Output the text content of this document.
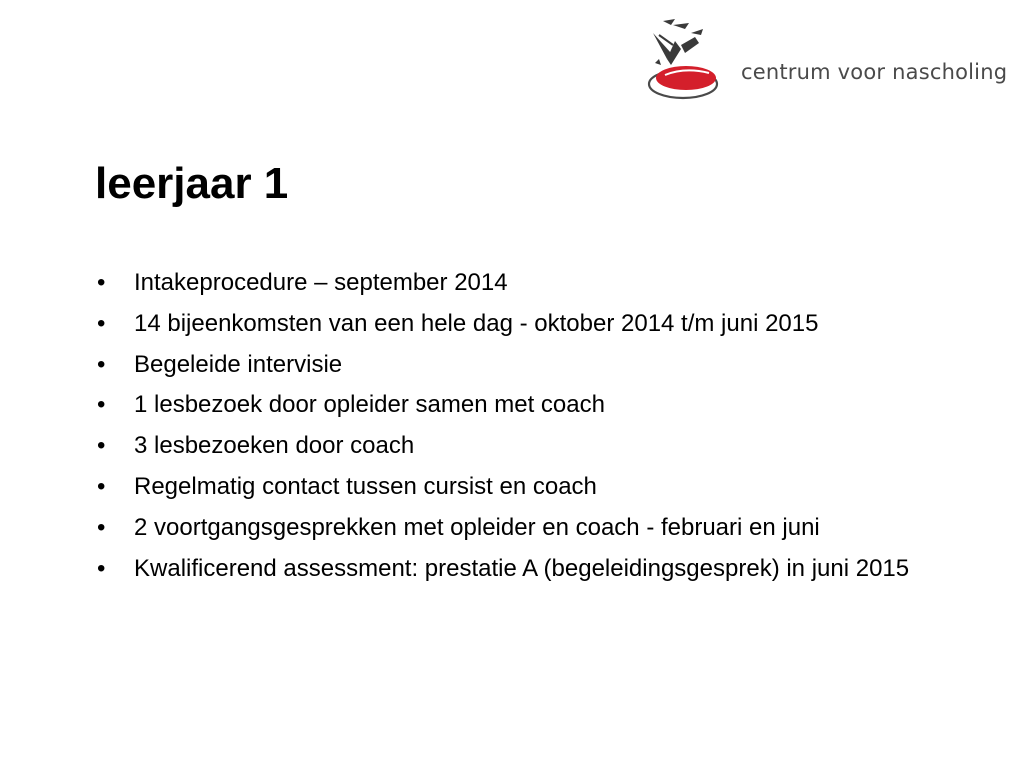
centrum voor nascholing
leerjaar 1
• Intakeprocedure – september 2014
• 14 bijeenkomsten van een hele dag - oktober 2014 t/m juni 2015
• Begeleide intervisie
• 1 lesbezoek door opleider samen met coach
• 3 lesbezoeken door coach
• Regelmatig contact tussen cursist en coach
• 2 voortgangsgesprekken met opleider en coach - februari en juni
• Kwalificerend assessment: prestatie A (begeleidingsgesprek) in juni 2015
